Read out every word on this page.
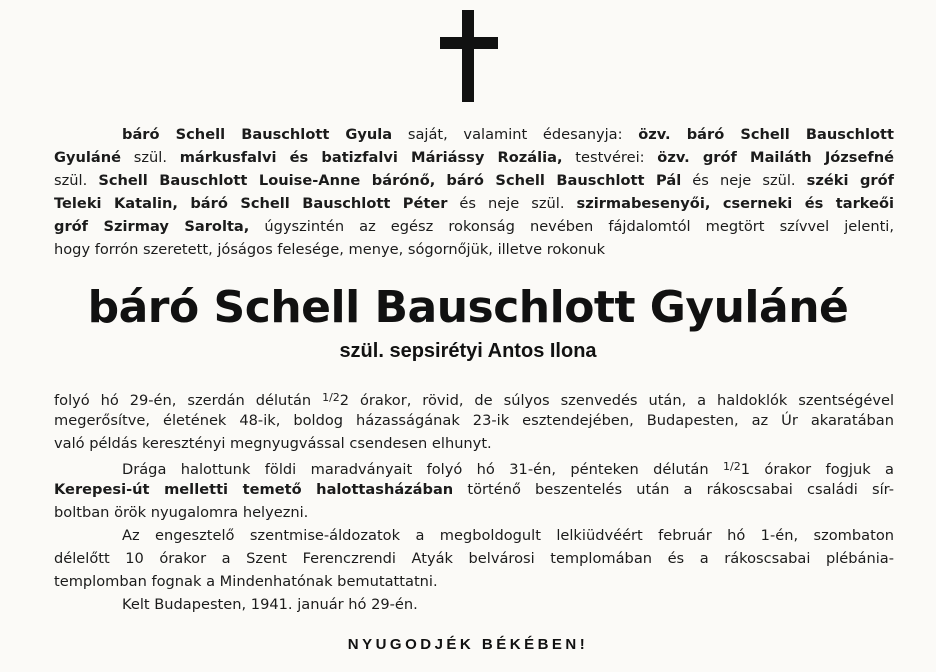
báró Schell Bauschlott Gyula saját, valamint édesanyja: özv. báró Schell Bauschlott
Gyuláné szül. márkusfalvi és batizfalvi Máriássy Rozália, testvérei: özv. gróf Mailáth Józsefné
szül. Schell Bauschlott Louise-Anne bárónő, báró Schell Bauschlott Pál és neje szül. széki gróf
Teleki Katalin, báró Schell Bauschlott Péter és neje szül. szirmabesenyői, cserneki és tarkeői
gróf Szirmay Sarolta, úgyszintén az egész rokonság nevében fájdalomtól megtört szívvel jelenti,
hogy forrón szeretett, jóságos felesége, menye, sógornőjük, illetve rokonuk
báró Schell Bauschlott Gyuláné
szül. sepsirétyi Antos Ilona
folyó hó 29-én, szerdán délután $^{1/2}$2 órakor, rövid, de súlyos szenvedés után, a haldoklók szentségével
megerősítve, életének 48-ik, boldog házasságának 23-ik esztendejében, Budapesten, az Úr akaratában
való példás keresztényi megnyugvással csendesen elhunyt.
Drága halottunk földi maradványait folyó hó 31-én, pénteken délután $^{1/2}$1 órakor fogjuk a
Kerepesi-út melletti temető halottasházában történő beszentelés után a rákoscsabai családi sír-
boltban örök nyugalomra helyezni.
Az engesztelő szentmise-áldozatok a megboldogult lelkiüdvéért február hó 1-én, szombaton
délelőtt 10 órakor a Szent Ferenczrendi Atyák belvárosi templomában és a rákoscsabai plébánia-
templomban fognak a Mindenhatónak bemutattatni.
Kelt Budapesten, 1941. január hó 29-én.
NYUGODJÉK BÉKÉBEN!
